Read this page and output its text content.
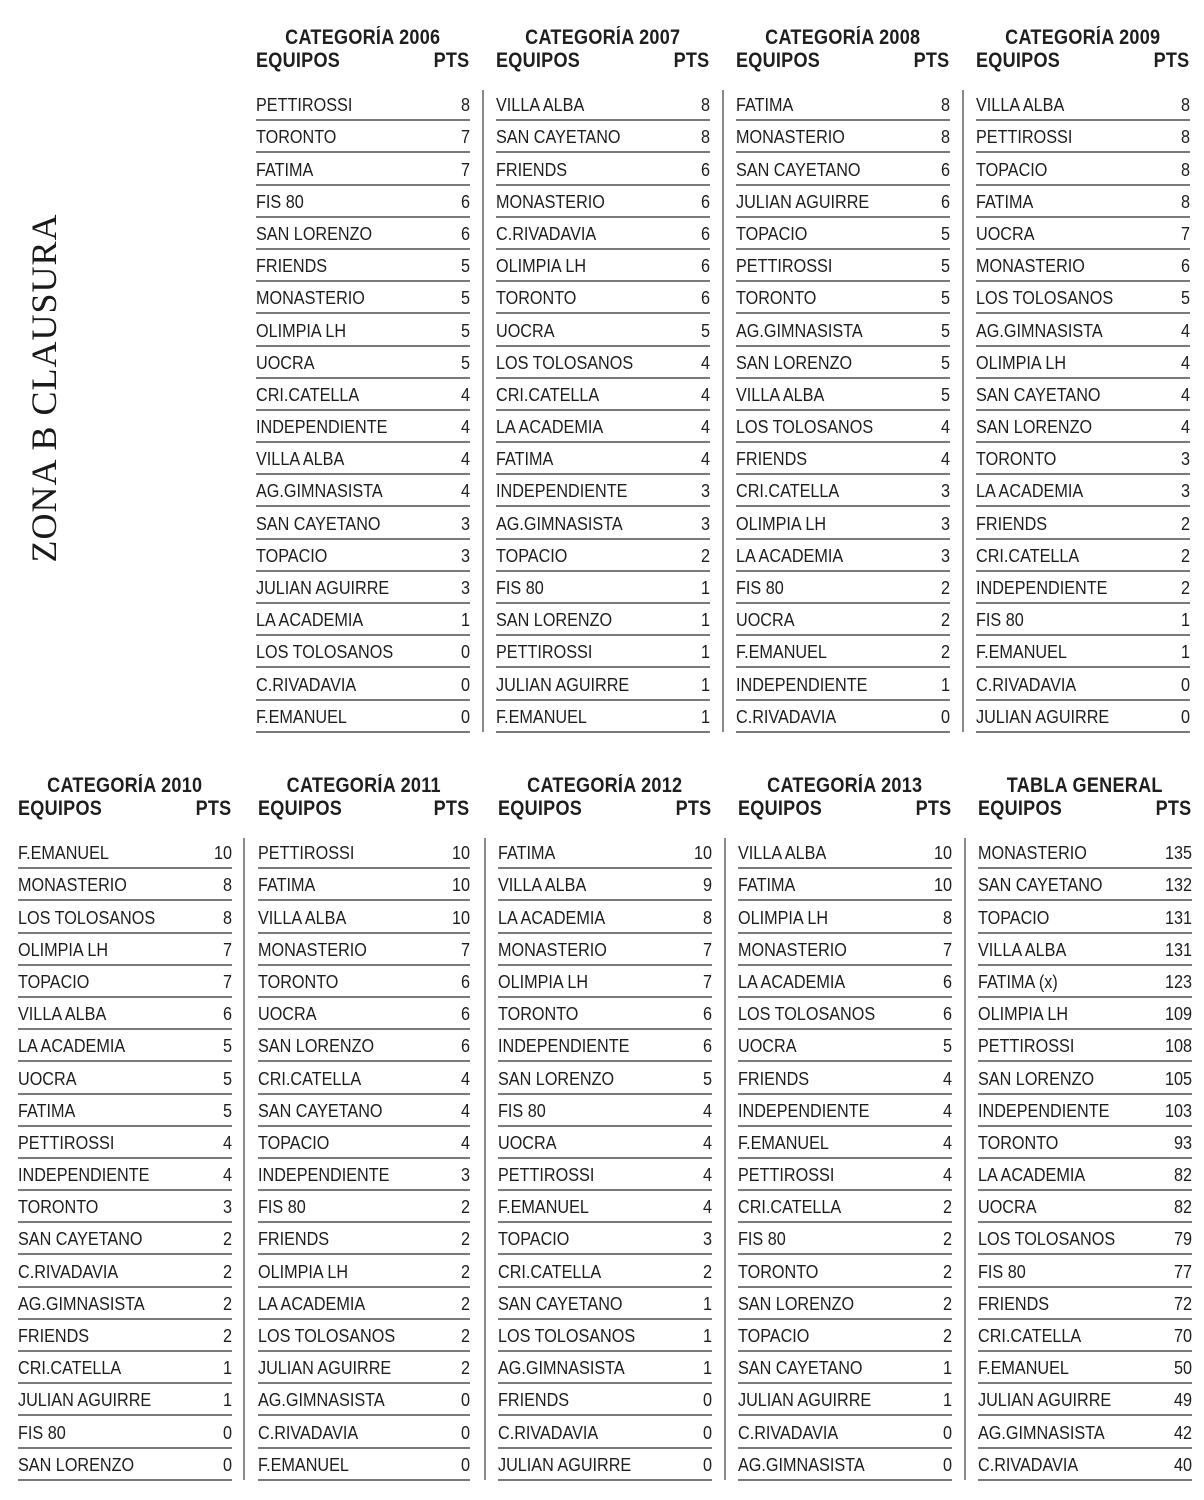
ZONA B CLAUSURA
CATEGORÍA 2006
EQUIPOS	PTS
PETTIROSSI	8
TORONTO	7
FATIMA	7
FIS 80	6
SAN LORENZO	6
FRIENDS	5
MONASTERIO	5
OLIMPIA LH	5
UOCRA	5
CRI.CATELLA	4
INDEPENDIENTE	4
VILLA ALBA	4
AG.GIMNASISTA	4
SAN CAYETANO	3
TOPACIO	3
JULIAN AGUIRRE	3
LA ACADEMIA	1
LOS TOLOSANOS	0
C.RIVADAVIA	0
F.EMANUEL	0
CATEGORÍA 2007
EQUIPOS	PTS
VILLA ALBA	8
SAN CAYETANO	8
FRIENDS	6
MONASTERIO	6
C.RIVADAVIA	6
OLIMPIA LH	6
TORONTO	6
UOCRA	5
LOS TOLOSANOS	4
CRI.CATELLA	4
LA ACADEMIA	4
FATIMA	4
INDEPENDIENTE	3
AG.GIMNASISTA	3
TOPACIO	2
FIS 80	1
SAN LORENZO	1
PETTIROSSI	1
JULIAN AGUIRRE	1
F.EMANUEL	1
CATEGORÍA 2008
EQUIPOS	PTS
FATIMA	8
MONASTERIO	8
SAN CAYETANO	6
JULIAN AGUIRRE	6
TOPACIO	5
PETTIROSSI	5
TORONTO	5
AG.GIMNASISTA	5
SAN LORENZO	5
VILLA ALBA	5
LOS TOLOSANOS	4
FRIENDS	4
CRI.CATELLA	3
OLIMPIA LH	3
LA ACADEMIA	3
FIS 80	2
UOCRA	2
F.EMANUEL	2
INDEPENDIENTE	1
C.RIVADAVIA	0
CATEGORÍA 2009
EQUIPOS	PTS
VILLA ALBA	8
PETTIROSSI	8
TOPACIO	8
FATIMA	8
UOCRA	7
MONASTERIO	6
LOS TOLOSANOS	5
AG.GIMNASISTA	4
OLIMPIA LH	4
SAN CAYETANO	4
SAN LORENZO	4
TORONTO	3
LA ACADEMIA	3
FRIENDS	2
CRI.CATELLA	2
INDEPENDIENTE	2
FIS 80	1
F.EMANUEL	1
C.RIVADAVIA	0
JULIAN AGUIRRE	0
CATEGORÍA 2010
EQUIPOS	PTS
F.EMANUEL	10
MONASTERIO	8
LOS TOLOSANOS	8
OLIMPIA LH	7
TOPACIO	7
VILLA ALBA	6
LA ACADEMIA	5
UOCRA	5
FATIMA	5
PETTIROSSI	4
INDEPENDIENTE	4
TORONTO	3
SAN CAYETANO	2
C.RIVADAVIA	2
AG.GIMNASISTA	2
FRIENDS	2
CRI.CATELLA	1
JULIAN AGUIRRE	1
FIS 80	0
SAN LORENZO	0
CATEGORÍA 2011
EQUIPOS	PTS
PETTIROSSI	10
FATIMA	10
VILLA ALBA	10
MONASTERIO	7
TORONTO	6
UOCRA	6
SAN LORENZO	6
CRI.CATELLA	4
SAN CAYETANO	4
TOPACIO	4
INDEPENDIENTE	3
FIS 80	2
FRIENDS	2
OLIMPIA LH	2
LA ACADEMIA	2
LOS TOLOSANOS	2
JULIAN AGUIRRE	2
AG.GIMNASISTA	0
C.RIVADAVIA	0
F.EMANUEL	0
CATEGORÍA 2012
EQUIPOS	PTS
FATIMA	10
VILLA ALBA	9
LA ACADEMIA	8
MONASTERIO	7
OLIMPIA LH	7
TORONTO	6
INDEPENDIENTE	6
SAN LORENZO	5
FIS 80	4
UOCRA	4
PETTIROSSI	4
F.EMANUEL	4
TOPACIO	3
CRI.CATELLA	2
SAN CAYETANO	1
LOS TOLOSANOS	1
AG.GIMNASISTA	1
FRIENDS	0
C.RIVADAVIA	0
JULIAN AGUIRRE	0
CATEGORÍA 2013
EQUIPOS	PTS
VILLA ALBA	10
FATIMA	10
OLIMPIA LH	8
MONASTERIO	7
LA ACADEMIA	6
LOS TOLOSANOS	6
UOCRA	5
FRIENDS	4
INDEPENDIENTE	4
F.EMANUEL	4
PETTIROSSI	4
CRI.CATELLA	2
FIS 80	2
TORONTO	2
SAN LORENZO	2
TOPACIO	2
SAN CAYETANO	1
JULIAN AGUIRRE	1
C.RIVADAVIA	0
AG.GIMNASISTA	0
TABLA GENERAL
EQUIPOS	PTS
MONASTERIO	135
SAN CAYETANO	132
TOPACIO	131
VILLA ALBA	131
FATIMA (x)	123
OLIMPIA LH	109
PETTIROSSI	108
SAN LORENZO	105
INDEPENDIENTE	103
TORONTO	93
LA ACADEMIA	82
UOCRA	82
LOS TOLOSANOS	79
FIS 80	77
FRIENDS	72
CRI.CATELLA	70
F.EMANUEL	50
JULIAN AGUIRRE	49
AG.GIMNASISTA	42
C.RIVADAVIA	40
